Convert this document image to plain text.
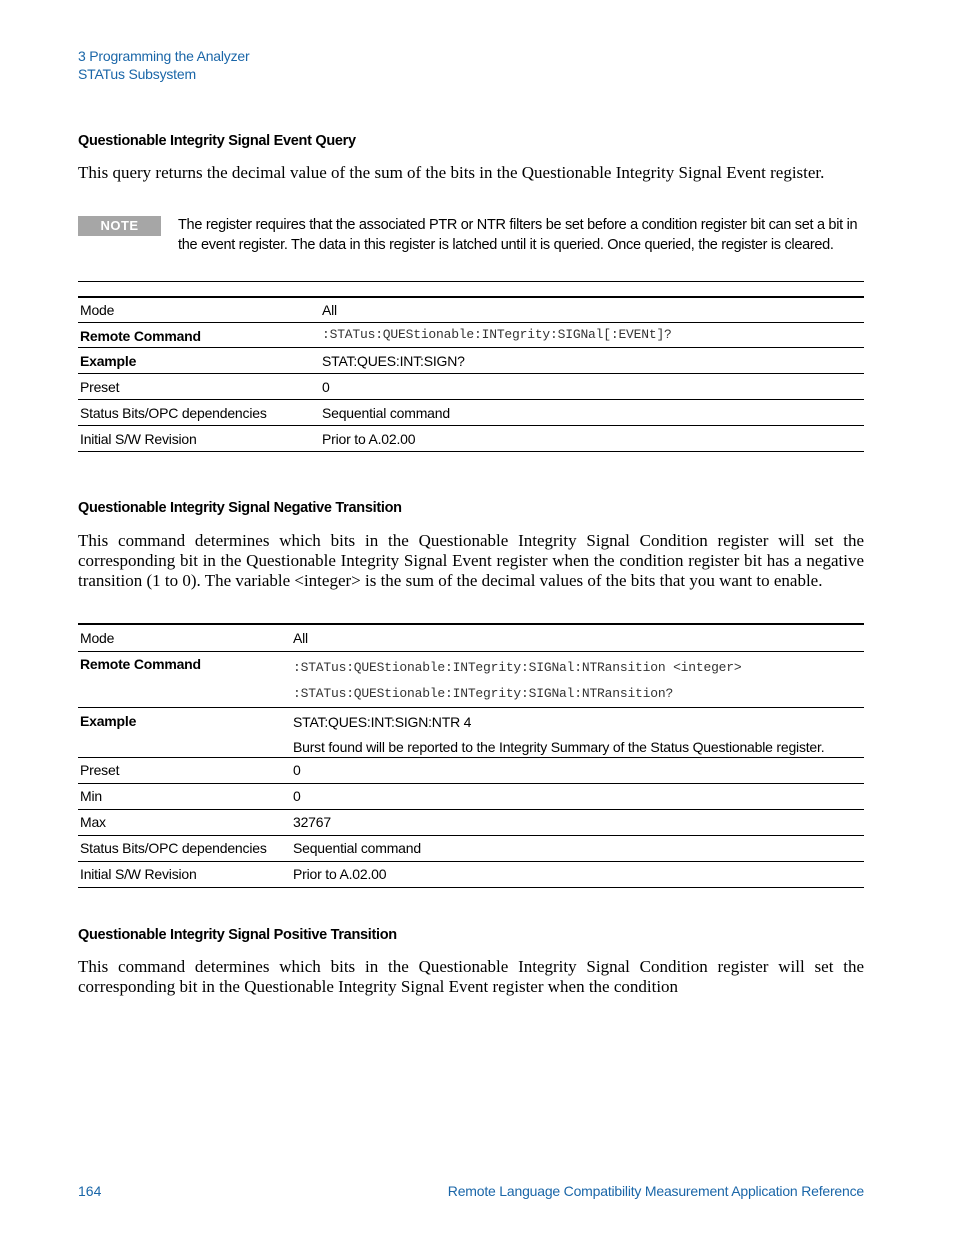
3 Programming the Analyzer
STATus Subsystem
Questionable Integrity Signal Event Query
This query returns the decimal value of the sum of the bits in the Questionable Integrity Signal Event register.
NOTE	The register requires that the associated PTR or NTR filters be set before a condition register bit can set a bit in the event register. The data in this register is latched until it is queried. Once queried, the register is cleared.
Mode	All
Remote Command	:STATus:QUEStionable:INTegrity:SIGNal[:EVENt]?
Example	STAT:QUES:INT:SIGN?
Preset	0
Status Bits/OPC dependencies	Sequential command
Initial S/W Revision	Prior to A.02.00
Questionable Integrity Signal Negative Transition
This command determines which bits in the Questionable Integrity Signal Condition register will set the corresponding bit in the Questionable Integrity Signal Event register when the condition register bit has a negative transition (1 to 0). The variable <integer> is the sum of the decimal values of the bits that you want to enable.
Mode	All
Remote Command	:STATus:QUEStionable:INTegrity:SIGNal:NTRansition <integer>
:STATus:QUEStionable:INTegrity:SIGNal:NTRansition?

Example	STAT:QUES:INT:SIGN:NTR 4
Burst found will be reported to the Integrity Summary of the Status Questionable register.

Preset	0
Min	0
Max	32767
Status Bits/OPC dependencies	Sequential command
Initial S/W Revision	Prior to A.02.00
Questionable Integrity Signal Positive Transition
This command determines which bits in the Questionable Integrity Signal Condition register will set the corresponding bit in the Questionable Integrity Signal Event register when the condition
164	Remote Language Compatibility Measurement Application Reference
